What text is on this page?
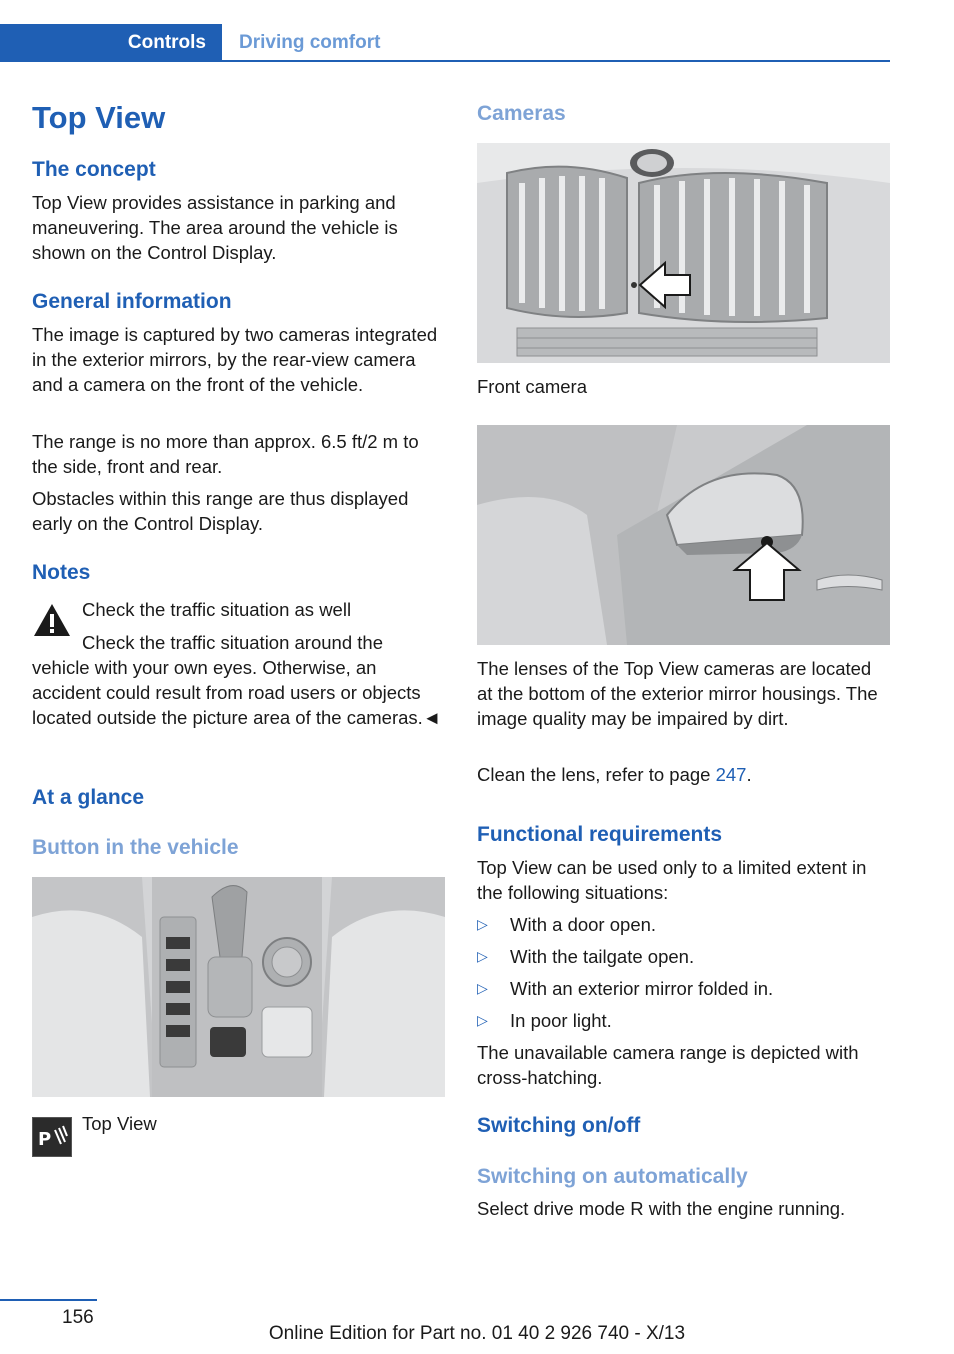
Controls Driving comfort
Top View
The concept
Top View provides assistance in parking and maneuvering. The area around the vehicle is shown on the Control Display.
General information
The image is captured by two cameras integrated in the exterior mirrors, by the rear-view camera and a camera on the front of the vehicle.
The range is no more than approx. 6.5 ft/2 m to the side, front and rear.
Obstacles within this range are thus displayed early on the Control Display.
Notes
Check the traffic situation as well
Check the traffic situation around the vehicle with your own eyes. Otherwise, an accident could result from road users or objects located outside the picture area of the cameras.◄
At a glance
Button in the vehicle
P
Top View
Cameras
Front camera
The lenses of the Top View cameras are located at the bottom of the exterior mirror housings. The image quality may be impaired by dirt.
Clean the lens, refer to page 247.
Functional requirements
Top View can be used only to a limited extent in the following situations:
▷ With a door open.
▷ With the tailgate open.
▷ With an exterior mirror folded in.
▷ In poor light.
The unavailable camera range is depicted with cross-hatching.
Switching on/off
Switching on automatically
Select drive mode R with the engine running.
156
Online Edition for Part no. 01 40 2 926 740 - X/13
